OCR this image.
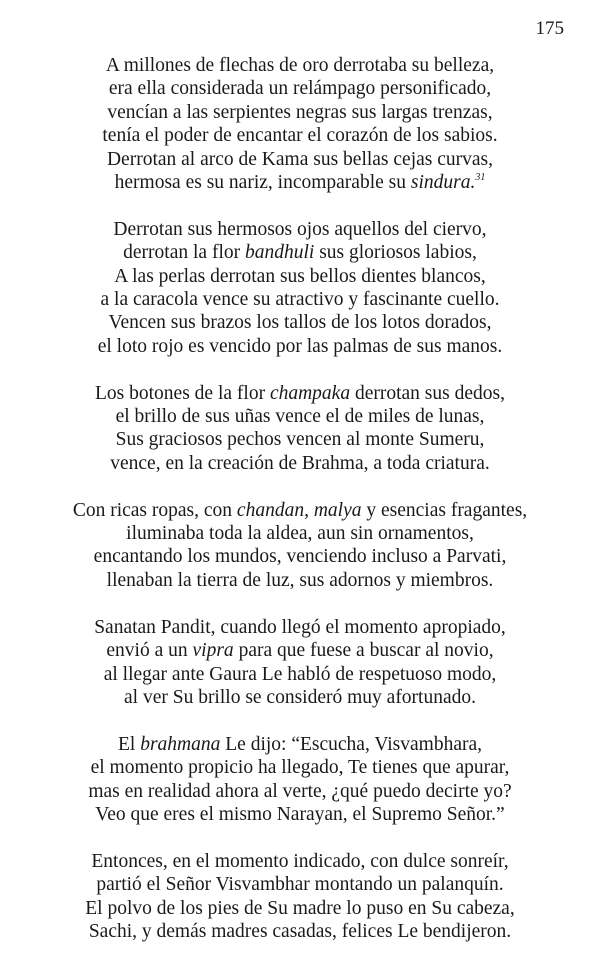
175
A millones de flechas de oro derrotaba su belleza,
era ella considerada un relámpago personificado,
vencían a las serpientes negras sus largas trenzas,
tenía el poder de encantar el corazón de los sabios.
Derrotan al arco de Kama sus bellas cejas curvas,
hermosa es su nariz, incomparable su sindura.$^{31}$
Derrotan sus hermosos ojos aquellos del ciervo,
derrotan la flor bandhuli sus gloriosos labios,
A las perlas derrotan sus bellos dientes blancos,
a la caracola vence su atractivo y fascinante cuello.
Vencen sus brazos los tallos de los lotos dorados,
el loto rojo es vencido por las palmas de sus manos.
Los botones de la flor champaka derrotan sus dedos,
el brillo de sus uñas vence el de miles de lunas,
Sus graciosos pechos vencen al monte Sumeru,
vence, en la creación de Brahma, a toda criatura.
Con ricas ropas, con chandan, malya y esencias fragantes,
iluminaba toda la aldea, aun sin ornamentos,
encantando los mundos, venciendo incluso a Parvati,
llenaban la tierra de luz, sus adornos y miembros.
Sanatan Pandit, cuando llegó el momento apropiado,
envió a un vipra para que fuese a buscar al novio,
al llegar ante Gaura Le habló de respetuoso modo,
al ver Su brillo se consideró muy afortunado.
El brahmana Le dijo: “Escucha, Visvambhara,
el momento propicio ha llegado, Te tienes que apurar,
mas en realidad ahora al verte, ¿qué puedo decirte yo?
Veo que eres el mismo Narayan, el Supremo Señor.”
Entonces, en el momento indicado, con dulce sonreír,
partió el Señor Visvambhar montando un palanquín.
El polvo de los pies de Su madre lo puso en Su cabeza,
Sachi, y demás madres casadas, felices Le bendijeron.
